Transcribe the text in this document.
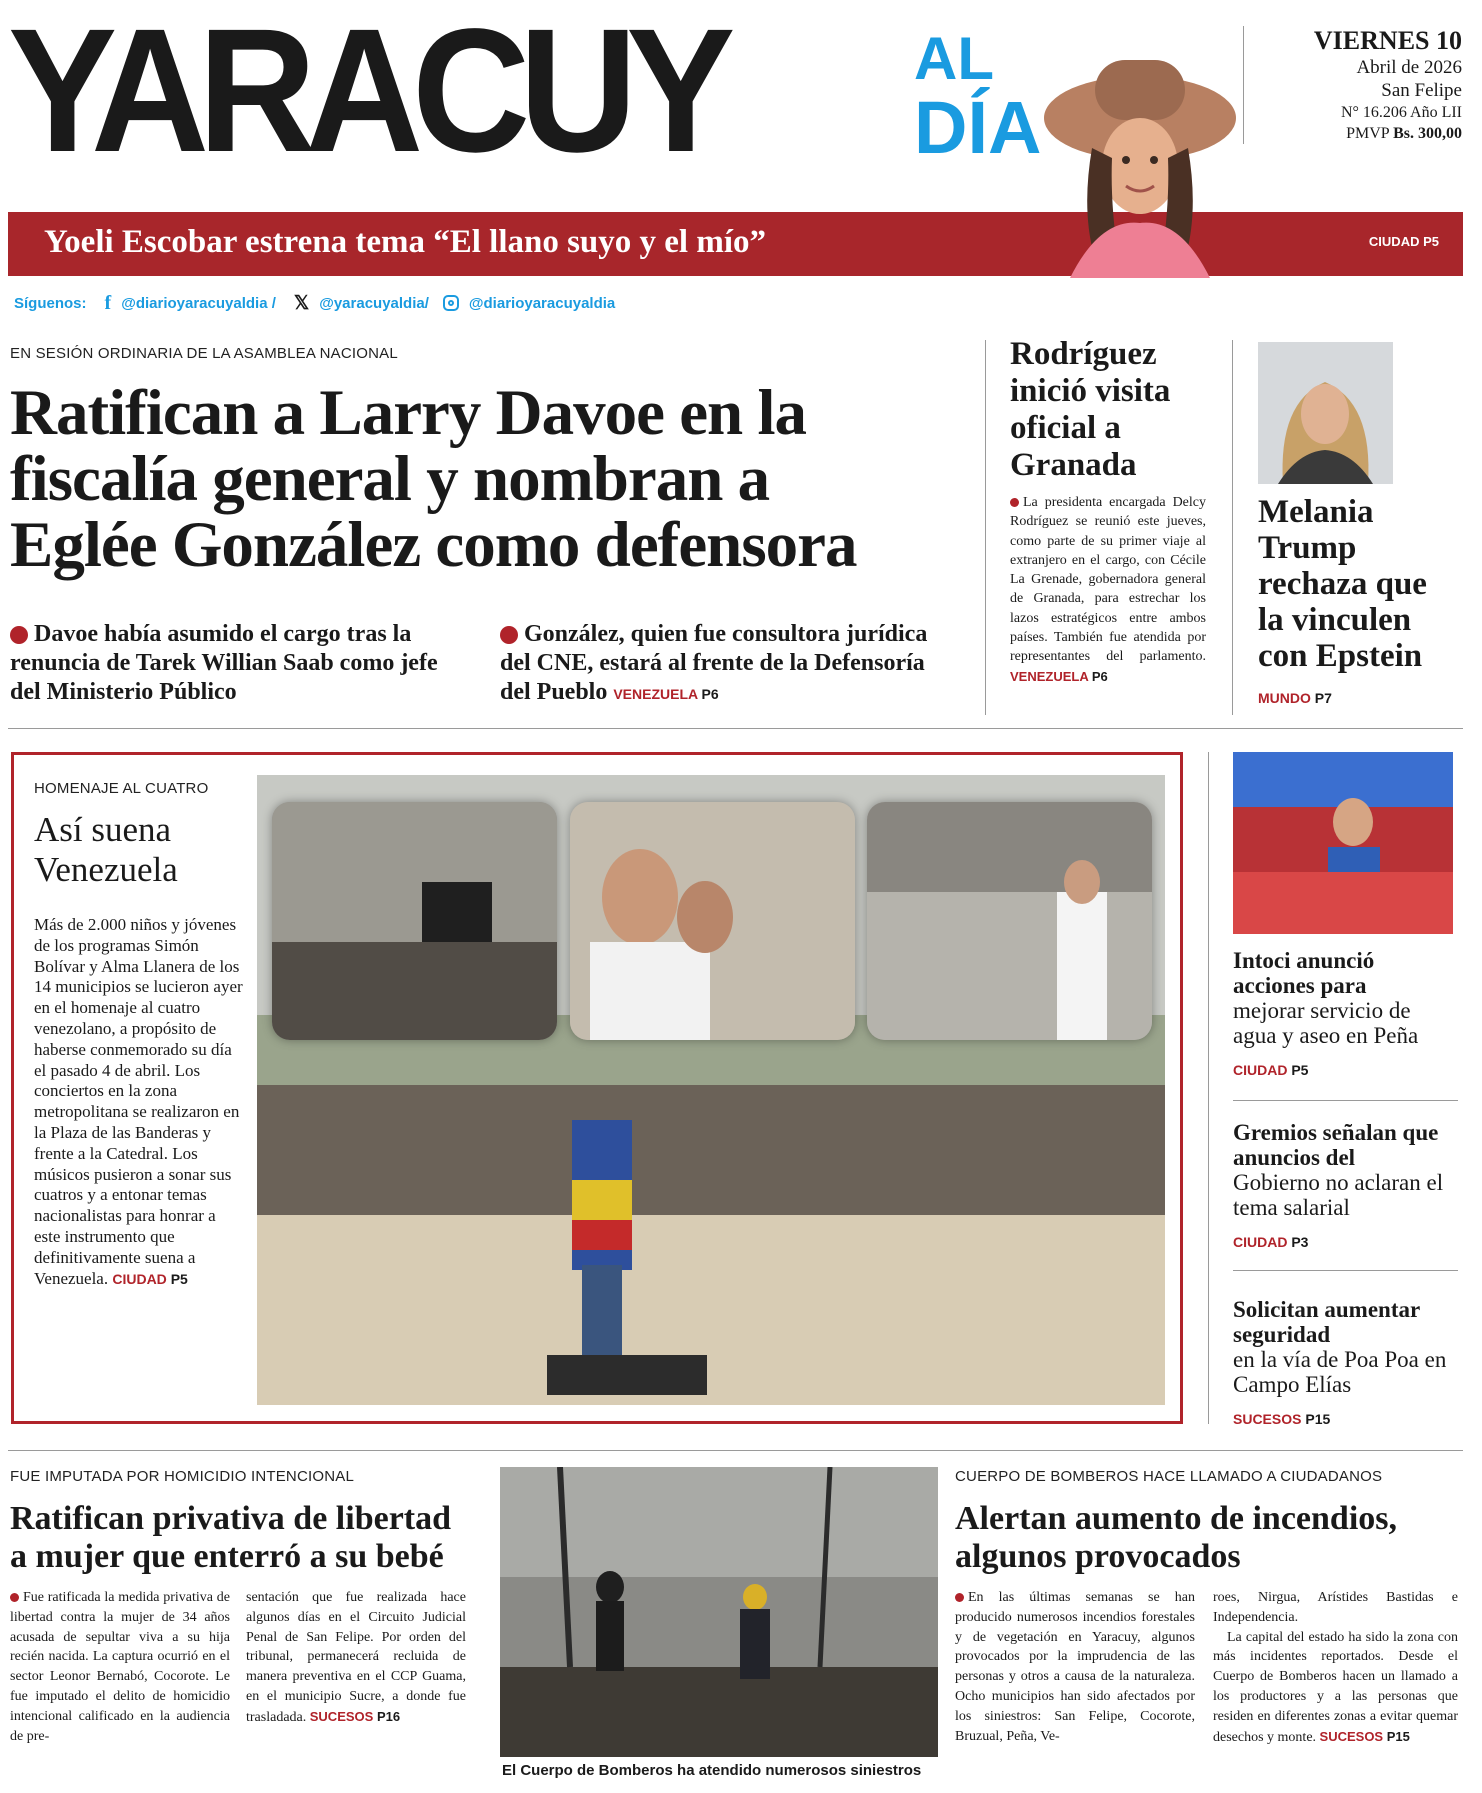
YARACUY	AL
DÍA
VIERNES 10
Abril de 2026
San Felipe
N° 16.206 Año LII
PMVP Bs. 300,00
Yoeli Escobar estrena tema “El llano suyo y el mío”	CIUDAD P5
Síguenos: f @diarioyaracuyaldia / 𝕏 @yaracuyaldia/	@diarioyaracuyaldia
EN SESIÓN ORDINARIA DE LA ASAMBLEA NACIONAL
Ratifican a Larry Davoe en la
fiscalía general y nombran a
Eglée González como defensora
Davoe había asumido el cargo tras la renuncia de Tarek Willian Saab como jefe del Ministerio Público
González, quien fue consultora jurídica del CNE, estará al frente de la Defensoría del Pueblo VENEZUELA P6
Rodríguez inició visita oficial a Granada
La presidenta encargada Delcy Rodríguez se reunió este jueves, como parte de su primer viaje al extranjero en el cargo, con Cécile La Grenade, gobernadora general de Granada, para estrechar los lazos estratégicos entre ambos países. También fue atendida por representantes del parlamento. VENEZUELA P6
Melania Trump rechaza que la vinculen con Epstein
MUNDO P7
HOMENAJE AL CUATRO
Así suena
Venezuela
Más de 2.000 niños y jóvenes de los programas Simón Bolívar y Alma Llanera de los 14 municipios se lucieron ayer en el homenaje al cuatro venezolano, a propósito de haberse conmemorado su día el pasado 4 de abril. Los conciertos en la zona metropolitana se realizaron en la Plaza de las Banderas y frente a la Catedral. Los músicos pusieron a sonar sus cuatros y a entonar temas nacionalistas para honrar a este instrumento que definitivamente suena a Venezuela. CIUDAD P5
Intoci anunció acciones para
mejorar servicio de agua y aseo en Peña
CIUDAD P5
Gremios señalan que anuncios del
Gobierno no aclaran el tema salarial
CIUDAD P3
Solicitan aumentar seguridad
en la vía de Poa Poa en Campo Elías
SUCESOS P15
FUE IMPUTADA POR HOMICIDIO INTENCIONAL
Ratifican privativa de libertad
a mujer que enterró a su bebé
Fue ratificada la medida privativa de libertad contra la mujer de 34 años acusada de sepultar viva a su hija recién nacida. La captura ocurrió en el sector Leonor Bernabó, Cocorote. Le fue imputado el delito de homicidio intencional calificado en la audiencia de pre-
sentación que fue realizada hace algunos días en el Circuito Judicial Penal de San Felipe. Por orden del tribunal, permanecerá recluida de manera preventiva en el CCP Guama, en el municipio Sucre, a donde fue trasladada. SUCESOS P16
El Cuerpo de Bomberos ha atendido numerosos siniestros
CUERPO DE BOMBEROS HACE LLAMADO A CIUDADANOS
Alertan aumento de incendios,
algunos provocados
En las últimas semanas se han producido numerosos incendios forestales y de vegetación en Yaracuy, algunos provocados por la imprudencia de las personas y otros a causa de la naturaleza. Ocho municipios han sido afectados por los siniestros: San Felipe, Cocorote, Bruzual, Peña, Ve-
roes, Nirgua, Arístides Bastidas e Independencia.
La capital del estado ha sido la zona con más incidentes reportados. Desde el Cuerpo de Bomberos hacen un llamado a los productores y a las personas que residen en diferentes zonas a evitar quemar desechos y monte. SUCESOS P15
